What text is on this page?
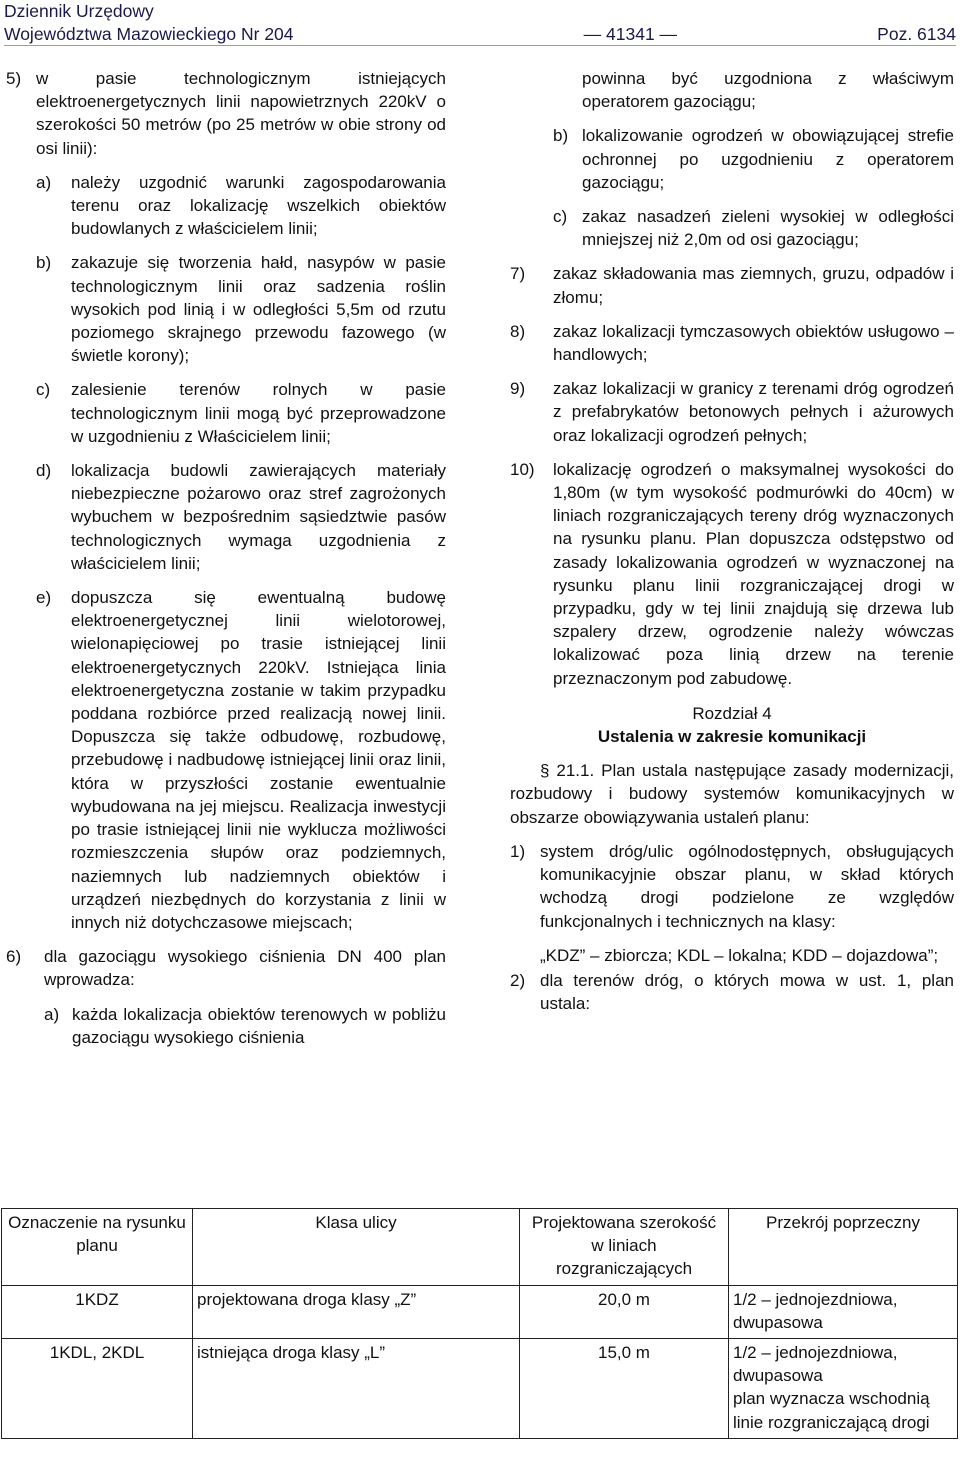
Dziennik Urzędowy
Województwa Mazowieckiego Nr 204	— 41341 —	Poz. 6134
5) w pasie technologicznym istniejących elektroenergetycznych linii napowietrznych 220kV o szerokości 50 metrów (po 25 metrów w obie strony od osi linii):
a) należy uzgodnić warunki zagospodarowania terenu oraz lokalizację wszelkich obiektów budowlanych z właścicielem linii;
b) zakazuje się tworzenia hałd, nasypów w pasie technologicznym linii oraz sadzenia roślin wysokich pod linią i w odległości 5,5m od rzutu poziomego skrajnego przewodu fazowego (w świetle korony);
c) zalesienie terenów rolnych w pasie technologicznym linii mogą być przeprowadzone w uzgodnieniu z Właścicielem linii;
d) lokalizacja budowli zawierających materiały niebezpieczne pożarowo oraz stref zagrożonych wybuchem w bezpośrednim sąsiedztwie pasów technologicznych wymaga uzgodnienia z właścicielem linii;
e) dopuszcza się ewentualną budowę elektroenergetycznej linii wielotorowej, wielonapięciowej po trasie istniejącej linii elektroenergetycznych 220kV. Istniejąca linia elektroenergetyczna zostanie w takim przypadku poddana rozbiórce przed realizacją nowej linii. Dopuszcza się także odbudowę, rozbudowę, przebudowę i nadbudowę istniejącej linii oraz linii, która w przyszłości zostanie ewentualnie wybudowana na jej miejscu. Realizacja inwestycji po trasie istniejącej linii nie wyklucza możliwości rozmieszczenia słupów oraz podziemnych, naziemnych lub nadziemnych obiektów i urządzeń niezbędnych do korzystania z linii w innych niż dotychczasowe miejscach;
6)	dla gazociągu wysokiego ciśnienia DN 400 plan wprowadza:
a) każda lokalizacja obiektów terenowych w pobliżu gazociągu wysokiego ciśnienia
powinna być uzgodniona z właściwym operatorem gazociągu;
b) lokalizowanie ogrodzeń w obowiązującej strefie ochronnej po uzgodnieniu z operatorem gazociągu;
c) zakaz nasadzeń zieleni wysokiej w odległości mniejszej niż 2,0m od osi gazociągu;
7) zakaz składowania mas ziemnych, gruzu, odpadów i złomu;
8) zakaz lokalizacji tymczasowych obiektów usługowo – handlowych;
9) zakaz lokalizacji w granicy z terenami dróg ogrodzeń z prefabrykatów betonowych pełnych i ażurowych oraz lokalizacji ogrodzeń pełnych;
10) lokalizację ogrodzeń o maksymalnej wysokości do 1,80m (w tym wysokość podmurówki do 40cm) w liniach rozgraniczających tereny dróg wyznaczonych na rysunku planu. Plan dopuszcza odstępstwo od zasady lokalizowania ogrodzeń w wyznaczonej na rysunku planu linii rozgraniczającej drogi w przypadku, gdy w tej linii znajdują się drzewa lub szpalery drzew, ogrodzenie należy wówczas lokalizować poza linią drzew na terenie przeznaczonym pod zabudowę.
Rozdział 4
Ustalenia w zakresie komunikacji
§ 21.1. Plan ustala następujące zasady modernizacji, rozbudowy i budowy systemów komunikacyjnych w obszarze obowiązywania ustaleń planu:
1) system dróg/ulic ogólnodostępnych, obsługujących komunikacyjnie obszar planu, w skład których wchodzą drogi podzielone ze względów funkcjonalnych i technicznych na klasy:
„KDZ” – zbiorcza; KDL – lokalna; KDD – dojazdowa”;
2) dla terenów dróg, o których mowa w ust. 1, plan ustala:
Oznaczenie na rysunku planu	Klasa ulicy	Projektowana szerokość w liniach rozgraniczających	Przekrój poprzeczny
1KDZ	projektowana droga klasy „Z”	20,0 m	1/2 – jednojezdniowa, dwupasowa

1KDL, 2KDL	istniejąca droga klasy „L”	15,0 m	1/2 – jednojezdniowa, dwupasowa
plan wyznacza wschodnią linie rozgraniczającą drogi
